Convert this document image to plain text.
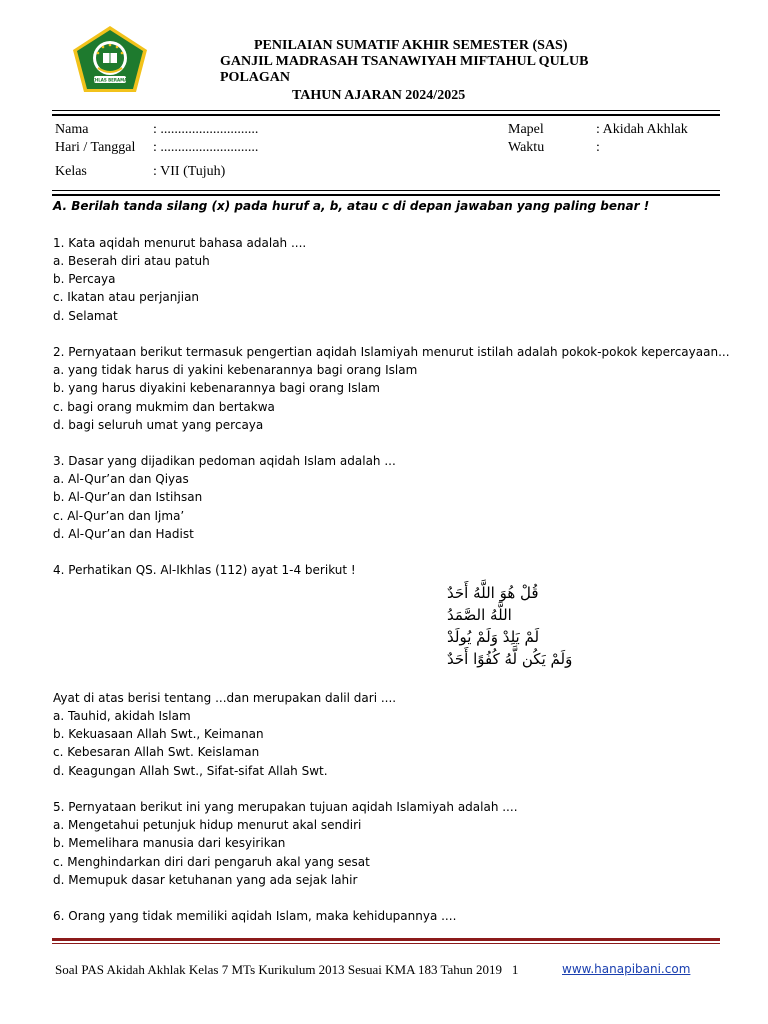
IKHLAS BERAMAL
PENILAIAN SUMATIF AKHIR SEMESTER (SAS)
GANJIL MADRASAH TSANAWIYAH MIFTAHUL QULUB
POLAGAN
TAHUN AJARAN 2024/2025
Nama	: ............................
Hari / Tanggal : ............................
Kelas	: VII (Tujuh)
Mapel	: Akidah Akhlak
Waktu	:
A. Berilah tanda silang (x) pada huruf a, b, atau c di depan jawaban yang paling benar !
1. Kata aqidah menurut bahasa adalah ....
a. Beserah diri atau patuh
b. Percaya
c. Ikatan atau perjanjian
d. Selamat
2. Pernyataan berikut termasuk pengertian aqidah Islamiyah menurut istilah adalah pokok-pokok kepercayaan...
a. yang tidak harus di yakini kebenarannya bagi orang Islam
b. yang harus diyakini kebenarannya bagi orang Islam
c. bagi orang mukmim dan bertakwa
d. bagi seluruh umat yang percaya
3. Dasar yang dijadikan pedoman aqidah Islam adalah ...
a. Al-Qur’an dan Qiyas
b. Al-Qur’an dan Istihsan
c. Al-Qur’an dan Ijma’
d. Al-Qur’an dan Hadist
4. Perhatikan QS. Al-Ikhlas (112) ayat 1-4 berikut !
قُلْ هُوَ اللَّهُ أَحَدٌ
اللَّهُ الصَّمَدُ
لَمْ يَلِدْ وَلَمْ يُولَدْ
وَلَمْ يَكُن لَّهُ كُفُوًا أَحَدٌ
Ayat di atas berisi tentang ...dan merupakan dalil dari ....
a. Tauhid, akidah Islam
b. Kekuasaan Allah Swt., Keimanan
c. Kebesaran Allah Swt. Keislaman
d. Keagungan Allah Swt., Sifat-sifat Allah Swt.
5. Pernyataan berikut ini yang merupakan tujuan aqidah Islamiyah adalah ....
a. Mengetahui petunjuk hidup menurut akal sendiri
b. Memelihara manusia dari kesyirikan
c. Menghindarkan diri dari pengaruh akal yang sesat
d. Memupuk dasar ketuhanan yang ada sejak lahir
6. Orang yang tidak memiliki aqidah Islam, maka kehidupannya ....
Soal PAS Akidah Akhlak Kelas 7 MTs Kurikulum 2013 Sesuai KMA 183 Tahun 2019 1	www.hanapibani.com
